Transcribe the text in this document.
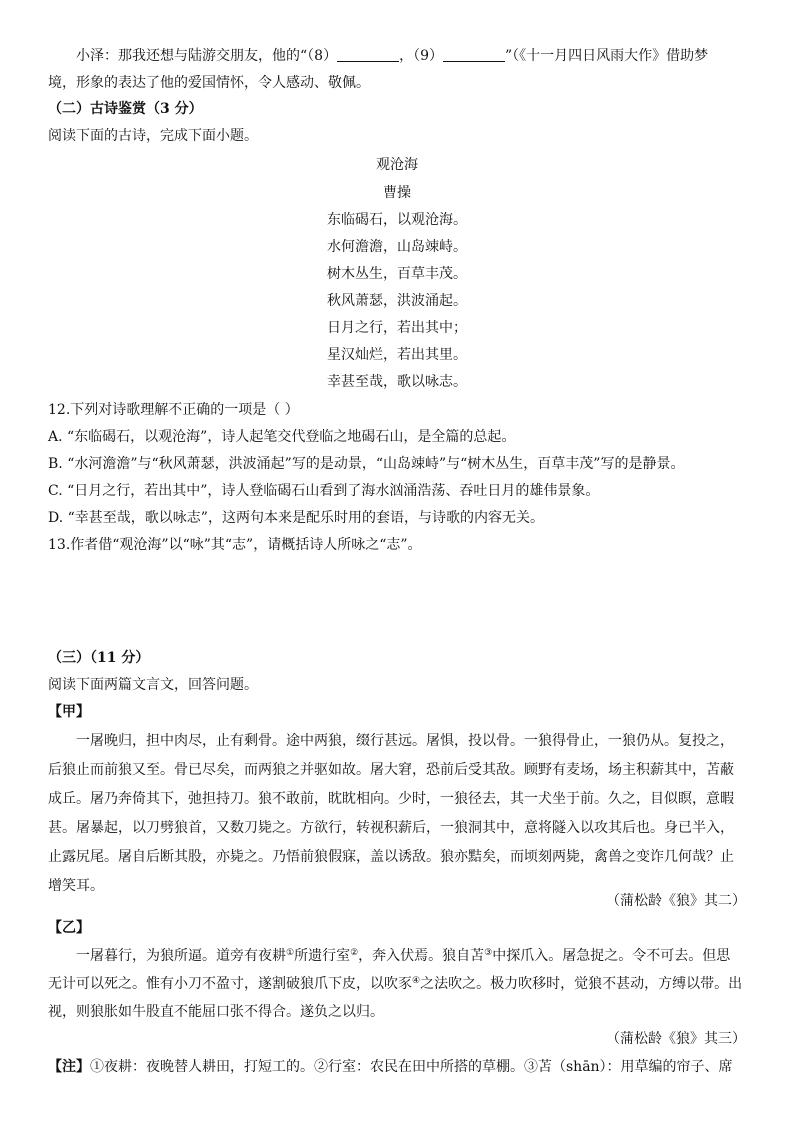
小泽：那我还想与陆游交朋友，他的“（8）	，（9）	”（《十一月四日风雨大作》借助梦
境，形象的表达了他的爱国情怀，令人感动、敬佩。
（二）古诗鉴赏（3 分）
阅读下面的古诗，完成下面小题。
观沧海
曹操
东临碣石，以观沧海。
水何澹澹，山岛竦峙。
树木丛生，百草丰茂。
秋风萧瑟，洪波涌起。
日月之行，若出其中；
星汉灿烂，若出其里。
幸甚至哉，歌以咏志。
12.下列对诗歌理解不正确的一项是（ ）
A. “东临碣石，以观沧海”，诗人起笔交代登临之地碣石山，是全篇的总起。
B. “水河澹澹”与“秋风萧瑟，洪波涌起”写的是动景，“山岛竦峙”与“树木丛生，百草丰茂”写的是静景。
C. “日月之行，若出其中”，诗人登临碣石山看到了海水汹涌浩荡、吞吐日月的雄伟景象。
D. “幸甚至哉，歌以咏志”，这两句本来是配乐时用的套语，与诗歌的内容无关。
13.作者借“观沧海”以“咏”其“志”，请概括诗人所咏之“志”。
（三）（11 分）
阅读下面两篇文言文，回答问题。
【甲】
一屠晚归，担中肉尽，止有剩骨。途中两狼，缀行甚远。屠惧，投以骨。一狼得骨止，一狼仍从。复投之，
后狼止而前狼又至。骨已尽矣，而两狼之并驱如故。屠大窘，恐前后受其敌。顾野有麦场，场主积薪其中，苫蔽
成丘。屠乃奔倚其下，弛担持刀。狼不敢前，眈眈相向。少时，一狼径去，其一犬坐于前。久之，目似瞑，意暇
甚。屠暴起，以刀劈狼首，又数刀毙之。方欲行，转视积薪后，一狼洞其中，意将隧入以攻其后也。身已半入，
止露尻尾。屠自后断其股，亦毙之。乃悟前狼假寐，盖以诱敌。狼亦黠矣，而顷刻两毙，禽兽之变诈几何哉？止
增笑耳。
（蒲松龄《狼》其二）
【乙】
一屠暮行，为狼所逼。道旁有夜耕①所遗行室②，奔入伏焉。狼自苫③中探爪入。屠急捉之。令不可去。但思
无计可以死之。惟有小刀不盈寸，遂割破狼爪下皮，以吹豕④之法吹之。极力吹移时，觉狼不甚动，方缚以带。出
视，则狼胀如牛股直不能屈口张不得合。遂负之以归。
（蒲松龄《狼》其三）
【注】①夜耕：夜晚替人耕田，打短工的。②行室：农民在田中所搭的草棚。③苫（shān）：用草编的帘子、席
